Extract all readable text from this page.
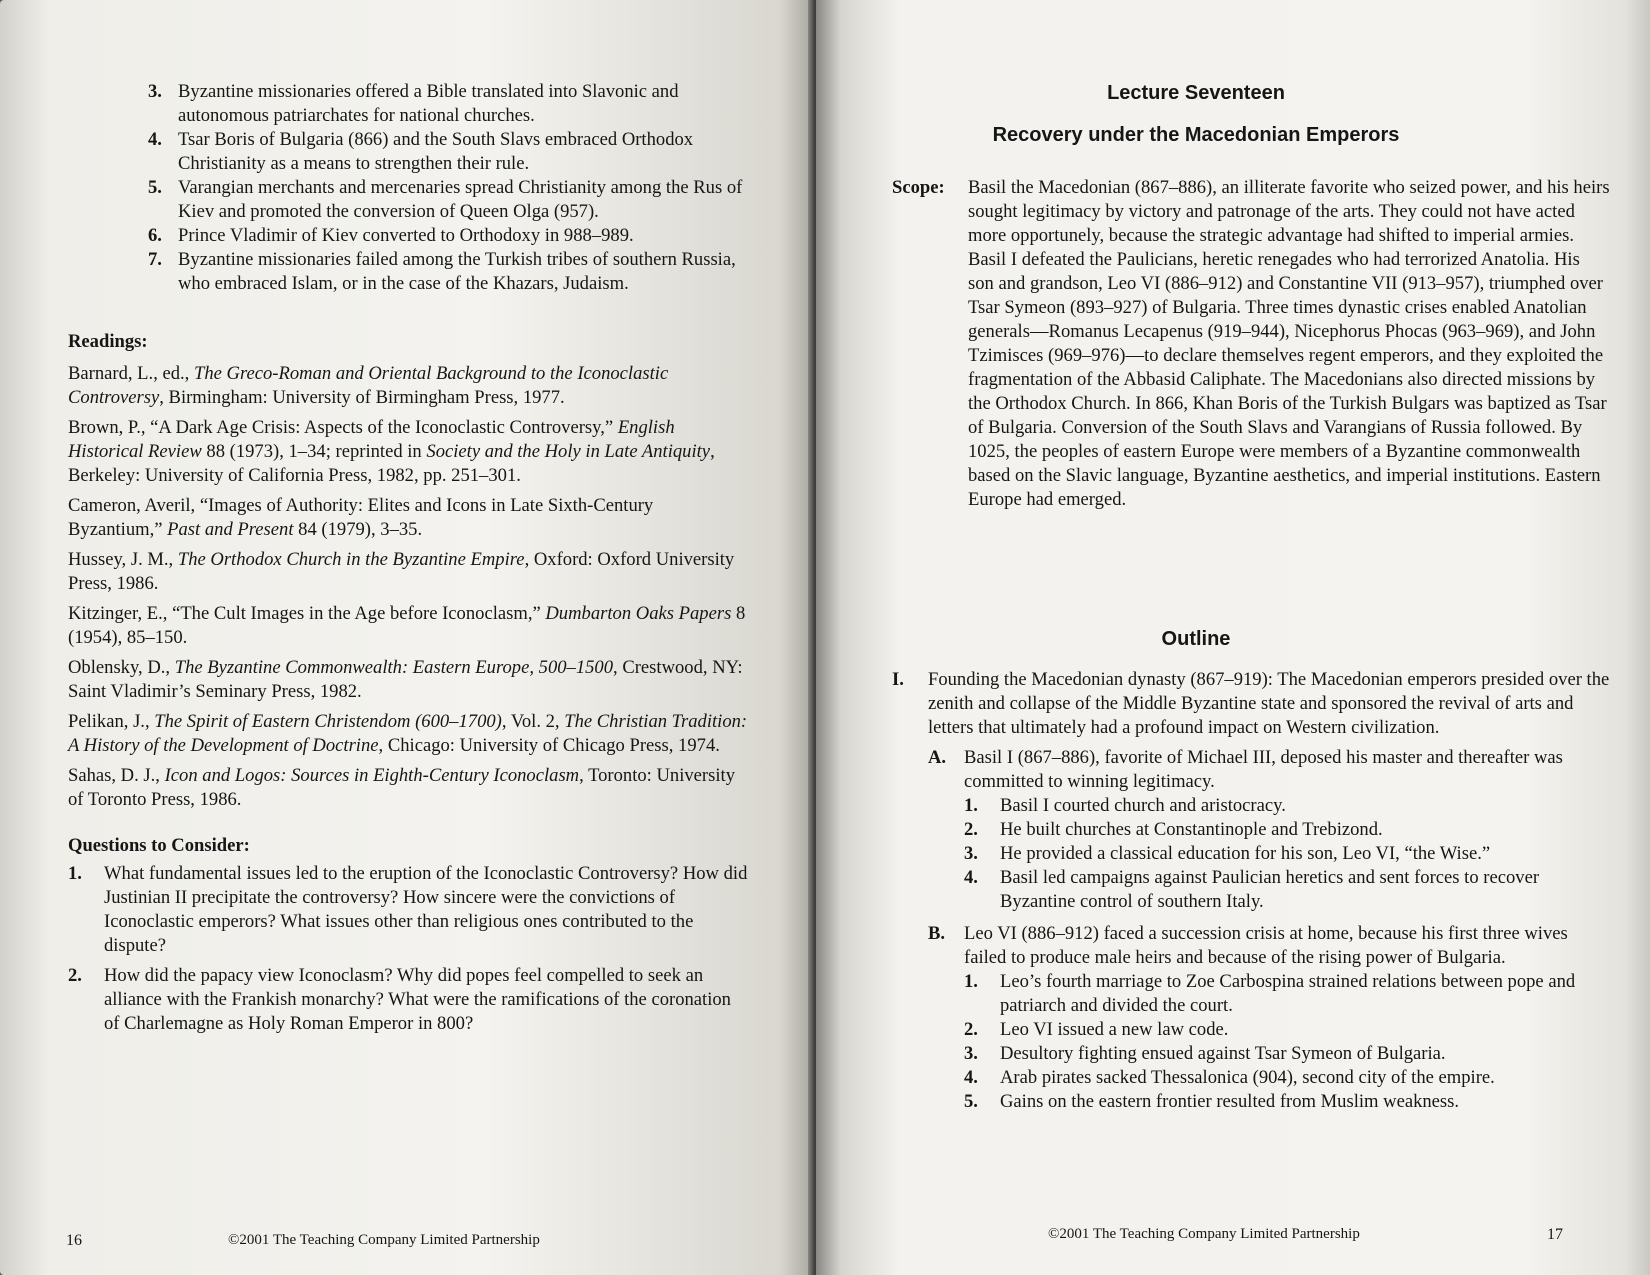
3. Byzantine missionaries offered a Bible translated into Slavonic and autonomous patriarchates for national churches.
4. Tsar Boris of Bulgaria (866) and the South Slavs embraced Orthodox Christianity as a means to strengthen their rule.
5. Varangian merchants and mercenaries spread Christianity among the Rus of Kiev and promoted the conversion of Queen Olga (957).
6. Prince Vladimir of Kiev converted to Orthodoxy in 988–989.
7. Byzantine missionaries failed among the Turkish tribes of southern Russia, who embraced Islam, or in the case of the Khazars, Judaism.
Readings:

Barnard, L., ed., The Greco-Roman and Oriental Background to the Iconoclastic Controversy, Birmingham: University of Birmingham Press, 1977.

Brown, P., “A Dark Age Crisis: Aspects of the Iconoclastic Controversy,” English Historical Review 88 (1973), 1–34; reprinted in Society and the Holy in Late Antiquity, Berkeley: University of California Press, 1982, pp. 251–301.

Cameron, Averil, “Images of Authority: Elites and Icons in Late Sixth-Century Byzantium,” Past and Present 84 (1979), 3–35.

Hussey, J. M., The Orthodox Church in the Byzantine Empire, Oxford: Oxford University Press, 1986.

Kitzinger, E., “The Cult Images in the Age before Iconoclasm,” Dumbarton Oaks Papers 8 (1954), 85–150.

Oblensky, D., The Byzantine Commonwealth: Eastern Europe, 500–1500, Crestwood, NY: Saint Vladimir’s Seminary Press, 1982.

Pelikan, J., The Spirit of Eastern Christendom (600–1700), Vol. 2, The Christian Tradition: A History of the Development of Doctrine, Chicago: University of Chicago Press, 1974.

Sahas, D. J., Icon and Logos: Sources in Eighth-Century Iconoclasm, Toronto: University of Toronto Press, 1986.

Questions to Consider:
1. What fundamental issues led to the eruption of the Iconoclastic Controversy? How did Justinian II precipitate the controversy? How sincere were the convictions of Iconoclastic emperors? What issues other than religious ones contributed to the dispute?
2. How did the papacy view Iconoclasm? Why did popes feel compelled to seek an alliance with the Frankish monarchy? What were the ramifications of the coronation of Charlemagne as Holy Roman Emperor in 800?
16	©2001 The Teaching Company Limited Partnership
Lecture Seventeen
Recovery under the Macedonian Emperors
Scope: Basil the Macedonian (867–886), an illiterate favorite who seized power, and his heirs sought legitimacy by victory and patronage of the arts. They could not have acted more opportunely, because the strategic advantage had shifted to imperial armies. Basil I defeated the Paulicians, heretic renegades who had terrorized Anatolia. His son and grandson, Leo VI (886–912) and Constantine VII (913–957), triumphed over Tsar Symeon (893–927) of Bulgaria. Three times dynastic crises enabled Anatolian generals—Romanus Lecapenus (919–944), Nicephorus Phocas (963–969), and John Tzimisces (969–976)—to declare themselves regent emperors, and they exploited the fragmentation of the Abbasid Caliphate. The Macedonians also directed missions by the Orthodox Church. In 866, Khan Boris of the Turkish Bulgars was baptized as Tsar of Bulgaria. Conversion of the South Slavs and Varangians of Russia followed. By 1025, the peoples of eastern Europe were members of a Byzantine commonwealth based on the Slavic language, Byzantine aesthetics, and imperial institutions. Eastern Europe had emerged.
Outline
I. Founding the Macedonian dynasty (867–919): The Macedonian emperors presided over the zenith and collapse of the Middle Byzantine state and sponsored the revival of arts and letters that ultimately had a profound impact on Western civilization.
A. Basil I (867–886), favorite of Michael III, deposed his master and thereafter was committed to winning legitimacy.
1. Basil I courted church and aristocracy.
2. He built churches at Constantinople and Trebizond.
3. He provided a classical education for his son, Leo VI, “the Wise.”
4. Basil led campaigns against Paulician heretics and sent forces to recover Byzantine control of southern Italy.
B. Leo VI (886–912) faced a succession crisis at home, because his first three wives failed to produce male heirs and because of the rising power of Bulgaria.
1. Leo’s fourth marriage to Zoe Carbospina strained relations between pope and patriarch and divided the court.
2. Leo VI issued a new law code.
3. Desultory fighting ensued against Tsar Symeon of Bulgaria.
4. Arab pirates sacked Thessalonica (904), second city of the empire.
5. Gains on the eastern frontier resulted from Muslim weakness.
©2001 The Teaching Company Limited Partnership	17
